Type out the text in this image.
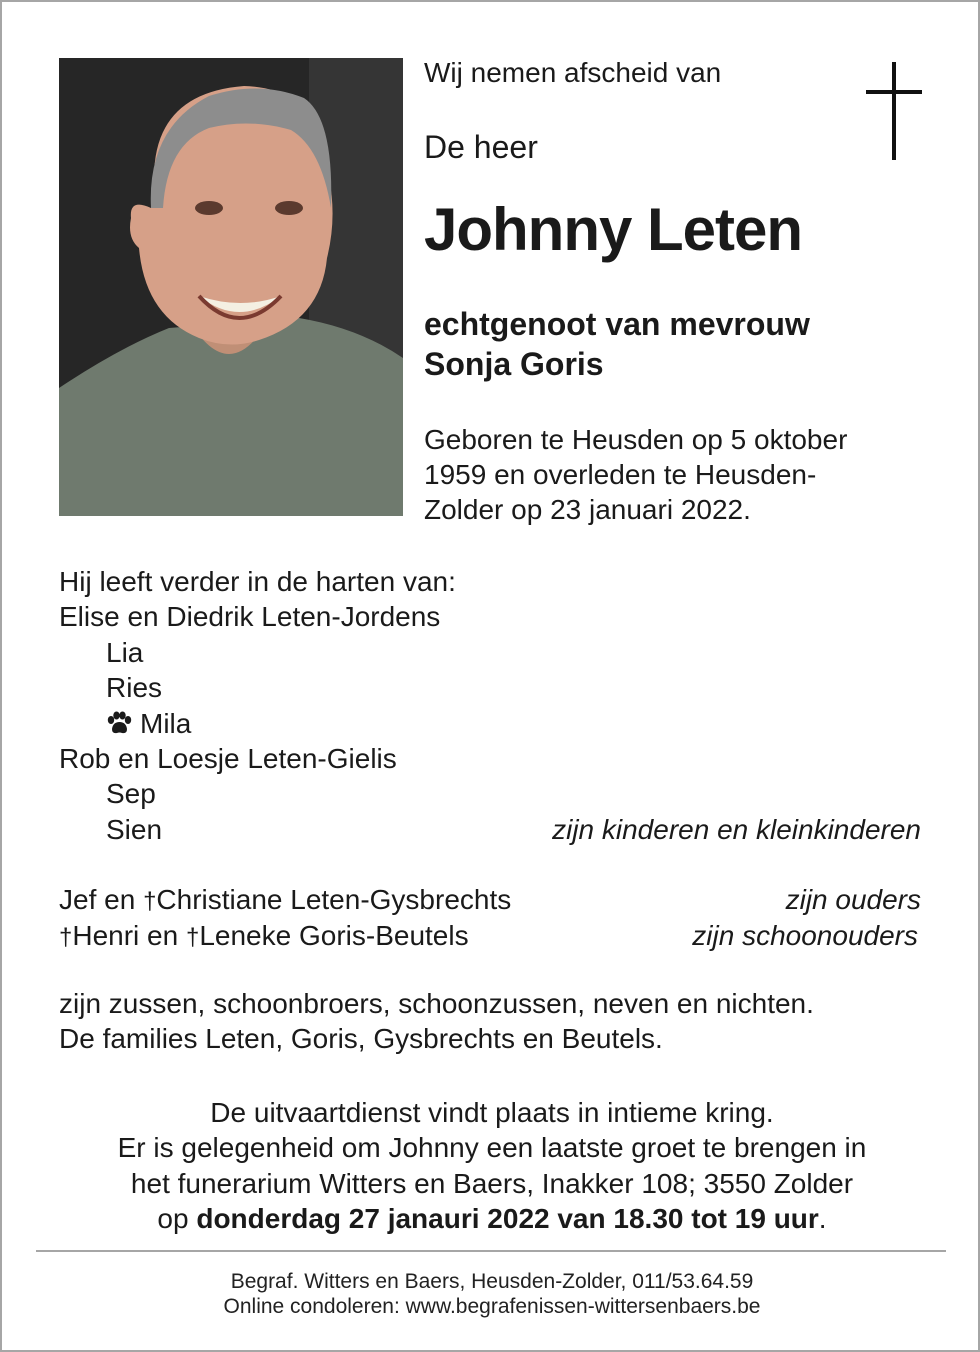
Wij nemen afscheid van
De heer
Johnny Leten
echtgenoot van mevrouw
Sonja Goris
Geboren te Heusden op 5 oktober
1959 en overleden te Heusden-
Zolder op 23 januari 2022.
Hij leeft verder in de harten van:
Elise en Diedrik Leten-Jordens
Lia
Ries
Mila
Rob en Loesje Leten-Gielis
Sep
Sien	zijn kinderen en kleinkinderen
Jef en †Christiane Leten-Gysbrechts	zijn ouders
†Henri en †Leneke Goris-Beutels	zijn schoonouders
zijn zussen, schoonbroers, schoonzussen, neven en nichten.
De families Leten, Goris, Gysbrechts en Beutels.
De uitvaartdienst vindt plaats in intieme kring.
Er is gelegenheid om Johnny een laatste groet te brengen in
het funerarium Witters en Baers, Inakker 108; 3550 Zolder
op donderdag 27 janauri 2022 van 18.30 tot 19 uur.
Begraf. Witters en Baers, Heusden-Zolder, 011/53.64.59
Online condoleren: www.begrafenissen-wittersenbaers.be
